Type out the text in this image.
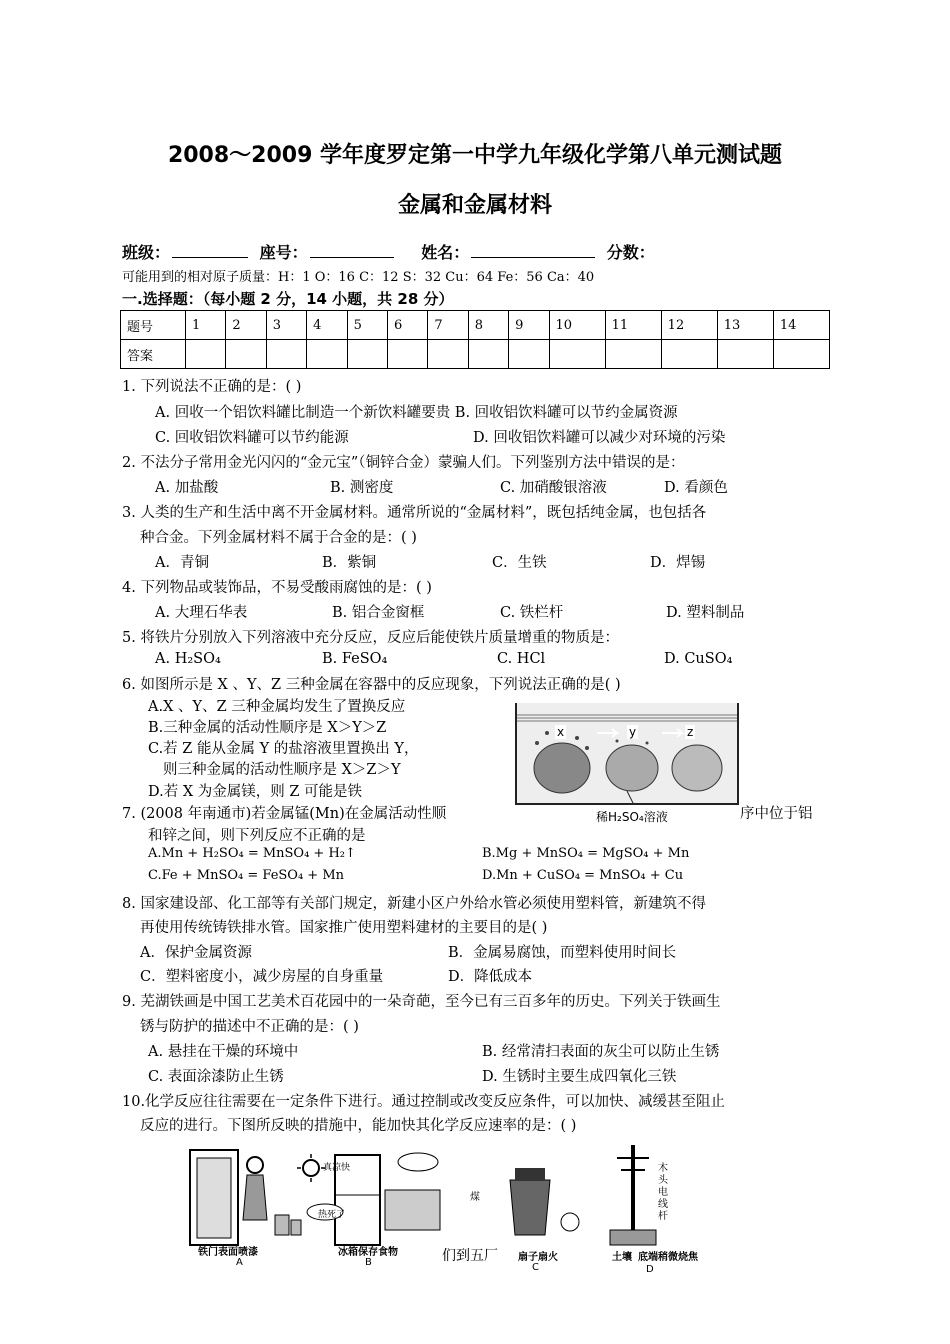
2008～2009 学年度罗定第一中学九年级化学第八单元测试题
金属和金属材料
班级：	座号：	姓名：	分数：
可能用到的相对原子质量：H：1 O：16 C：12 S：32 Cu：64 Fe：56 Ca：40
一.选择题：（每小题 2 分，14 小题，共 28 分）
题号	1	2	3	4	5	6	7	8	9	10	11	12	13	14
答案														
1. 下列说法不正确的是：( )
A. 回收一个铝饮料罐比制造一个新饮料罐要贵 B. 回收铝饮料罐可以节约金属资源
C. 回收铝饮料罐可以节约能源	D. 回收铝饮料罐可以减少对环境的污染
2. 不法分子常用金光闪闪的“金元宝”（铜锌合金）蒙骗人们。下列鉴别方法中错误的是：
A. 加盐酸	B. 测密度	C. 加硝酸银溶液	D. 看颜色
3. 人类的生产和生活中离不开金属材料。通常所说的“金属材料”，既包括纯金属，也包括各
种合金。下列金属材料不属于合金的是：( )
A．青铜	B．紫铜	C．生铁	D．焊锡
4. 下列物品或装饰品，不易受酸雨腐蚀的是：( )
A. 大理石华表	B. 铝合金窗框	C. 铁栏杆	D. 塑料制品
5. 将铁片分别放入下列溶液中充分反应，反应后能使铁片质量增重的物质是：
A. H₂SO₄	B. FeSO₄	C. HCl	D. CuSO₄
6. 如图所示是 X 、Y、Z 三种金属在容器中的反应现象，下列说法正确的是( )
A.X 、Y、Z 三种金属均发生了置换反应
B.三种金属的活动性顺序是 X＞Y＞Z
C.若 Z 能从金属 Y 的盐溶液里置换出 Y，
则三种金属的活动性顺序是 X＞Z＞Y
D.若 X 为金属镁，则 Z 可能是铁
x	y	z
稀H₂SO₄溶液
7. (2008 年南通市)若金属锰(Mn)在金属活动性顺	序中位于铝
和锌之间，则下列反应不正确的是
A.Mn + H₂SO₄ = MnSO₄ + H₂↑	B.Mg + MnSO₄ = MgSO₄ + Mn
C.Fe + MnSO₄ = FeSO₄ + Mn	D.Mn + CuSO₄ = MnSO₄ + Cu
8. 国家建设部、化工部等有关部门规定，新建小区户外给水管必须使用塑料管，新建筑不得
再使用传统铸铁排水管。国家推广使用塑料建材的主要目的是( )
A．保护金属资源	B．金属易腐蚀，而塑料使用时间长
C．塑料密度小，减少房屋的自身重量	D．降低成本
9. 芜湖铁画是中国工艺美术百花园中的一朵奇葩，至今已有三百多年的历史。下列关于铁画生
锈与防护的描述中不正确的是：( )
A. 悬挂在干燥的环境中	B. 经常清扫表面的灰尘可以防止生锈
C. 表面涂漆防止生锈	D. 生锈时主要生成四氧化三铁
10.化学反应往往需要在一定条件下进行。通过控制或改变反应条件，可以加快、减缓甚至阻止
反应的进行。下图所反映的措施中，能加快其化学反应速率的是：( )
煤
木头电线杆
真凉快
热死了
铁门表面喷漆
A
冰箱保存食物
B	们到五厂 扇子扇火
C
土壤 底端稍微烧焦
D
